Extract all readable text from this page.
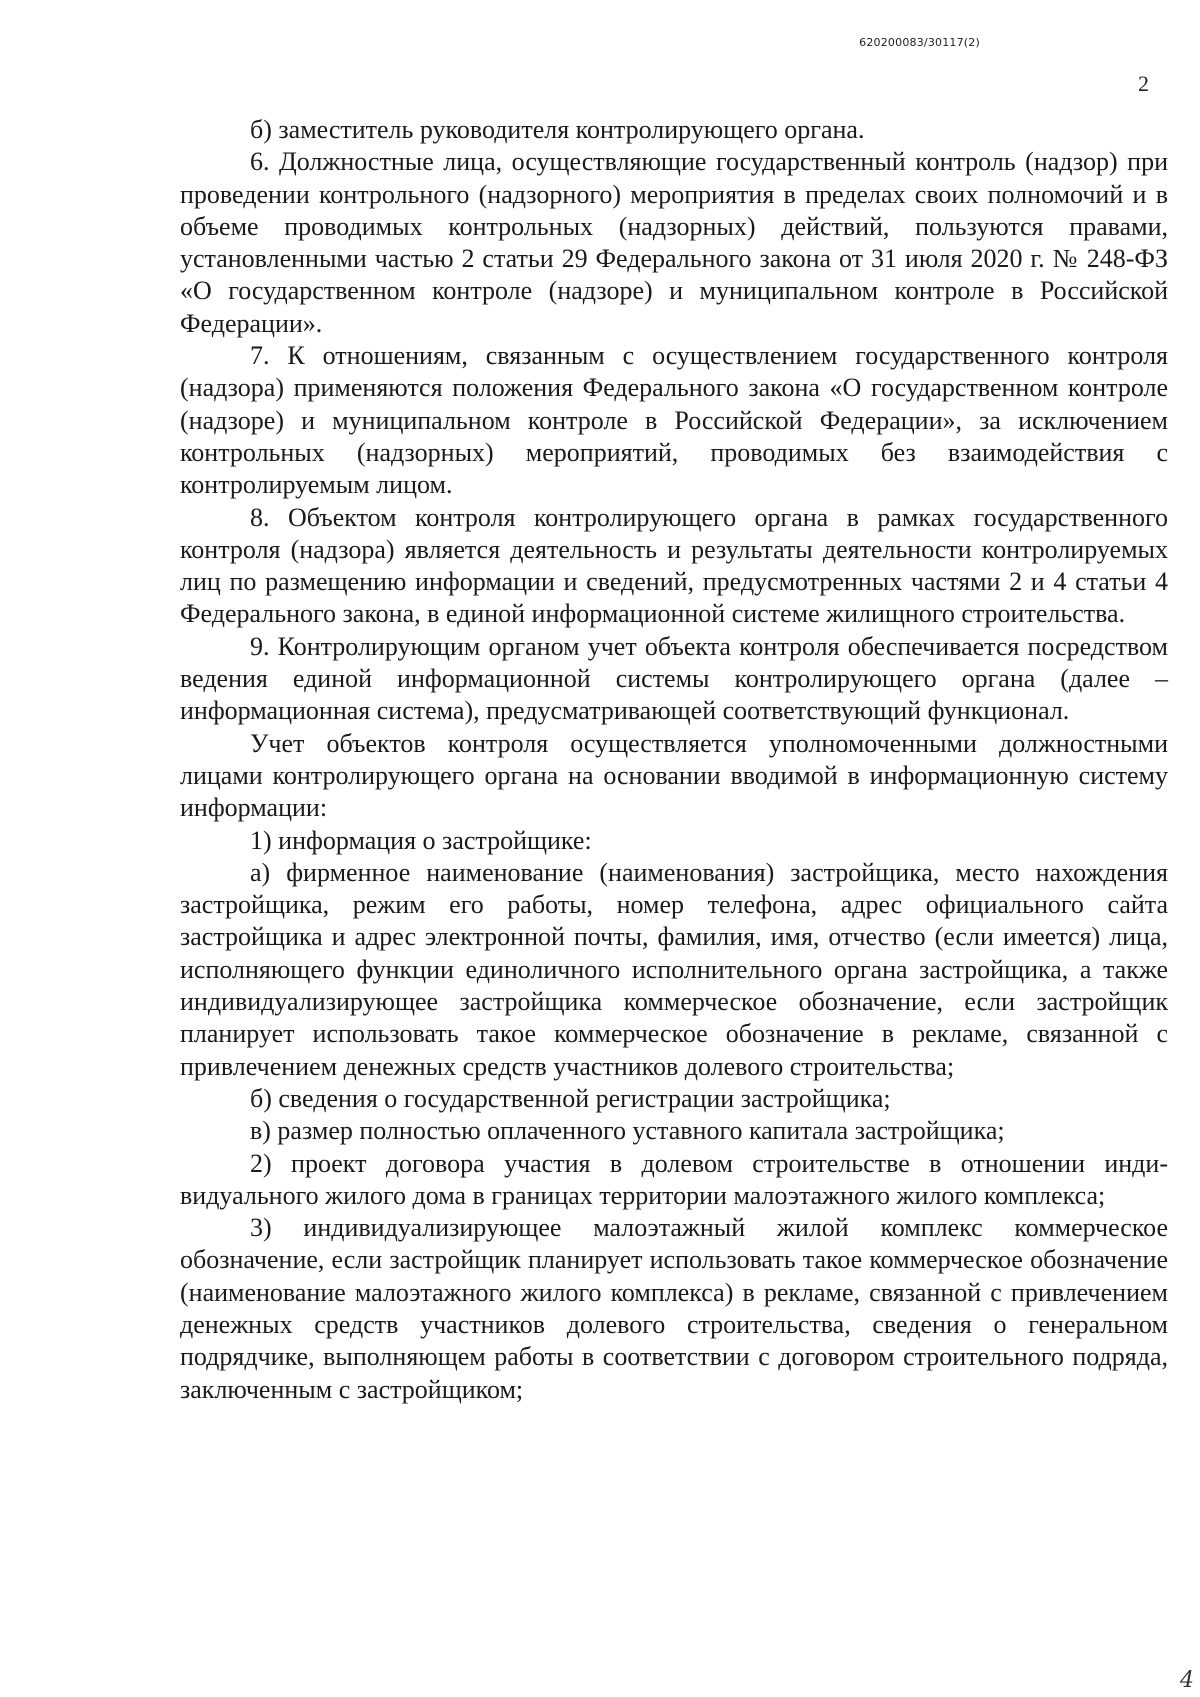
620200083/30117(2)
2

б) заместитель руководителя контролирующего органа.

6. Должностные лица, осуществляющие государственный контроль (надзор) при проведении контрольного (надзорного) мероприятия в пределах своих полномочий и в объеме проводимых контрольных (надзорных) действий, пользуются правами, установленными частью 2 статьи 29 Федерального закона от 31 июля 2020 г. № 248-ФЗ «О государственном контроле (надзоре) и муниципальном контроле в Российской Федерации».

7. К отношениям, связанным с осуществлением государственного контроля (надзора) применяются положения Федерального закона «О государственном контроле (надзоре) и муниципальном контроле в Российской Федерации», за исключением контрольных (надзорных) мероприятий, проводимых без взаимодействия с контролируемым лицом.

8. Объектом контроля контролирующего органа в рамках государственного контроля (надзора) является деятельность и результаты деятельности контролируемых лиц по размещению информации и сведений, предусмотренных частями 2 и 4 статьи 4 Федерального закона, в единой информационной системе жилищного строительства.

9. Контролирующим органом учет объекта контроля обеспечивается посредством ведения единой информационной системы контролирующего органа (далее – информационная система), предусматривающей соответствующий функционал.

Учет объектов контроля осуществляется уполномоченными должностными лицами контролирующего органа на основании вводимой в информационную систему информации:

1) информация о застройщике:

а) фирменное наименование (наименования) застройщика, место нахождения застройщика, режим его работы, номер телефона, адрес официального сайта застройщика и адрес электронной почты, фамилия, имя, отчество (если имеется) лица, исполняющего функции единоличного исполнительного органа застройщика, а также индивидуализирующее застройщика коммерческое обозначение, если застройщик планирует использовать такое коммерческое обозначение в рекламе, связанной с привлечением денежных средств участников долевого строительства;

б) сведения о государственной регистрации застройщика;

в) размер полностью оплаченного уставного капитала застройщика;

2) проект договора участия в долевом строительстве в отношении индивидуального жилого дома в границах территории малоэтажного жилого комплекса;

3) индивидуализирующее малоэтажный жилой комплекс коммерческое обозначение, если застройщик планирует использовать такое коммерческое обозначение (наименование малоэтажного жилого комплекса) в рекламе, связанной с привлечением денежных средств участников долевого строительства, сведения о генеральном подрядчике, выполняющем работы в соответствии с договором строительного подряда, заключенным с застройщиком;

4
